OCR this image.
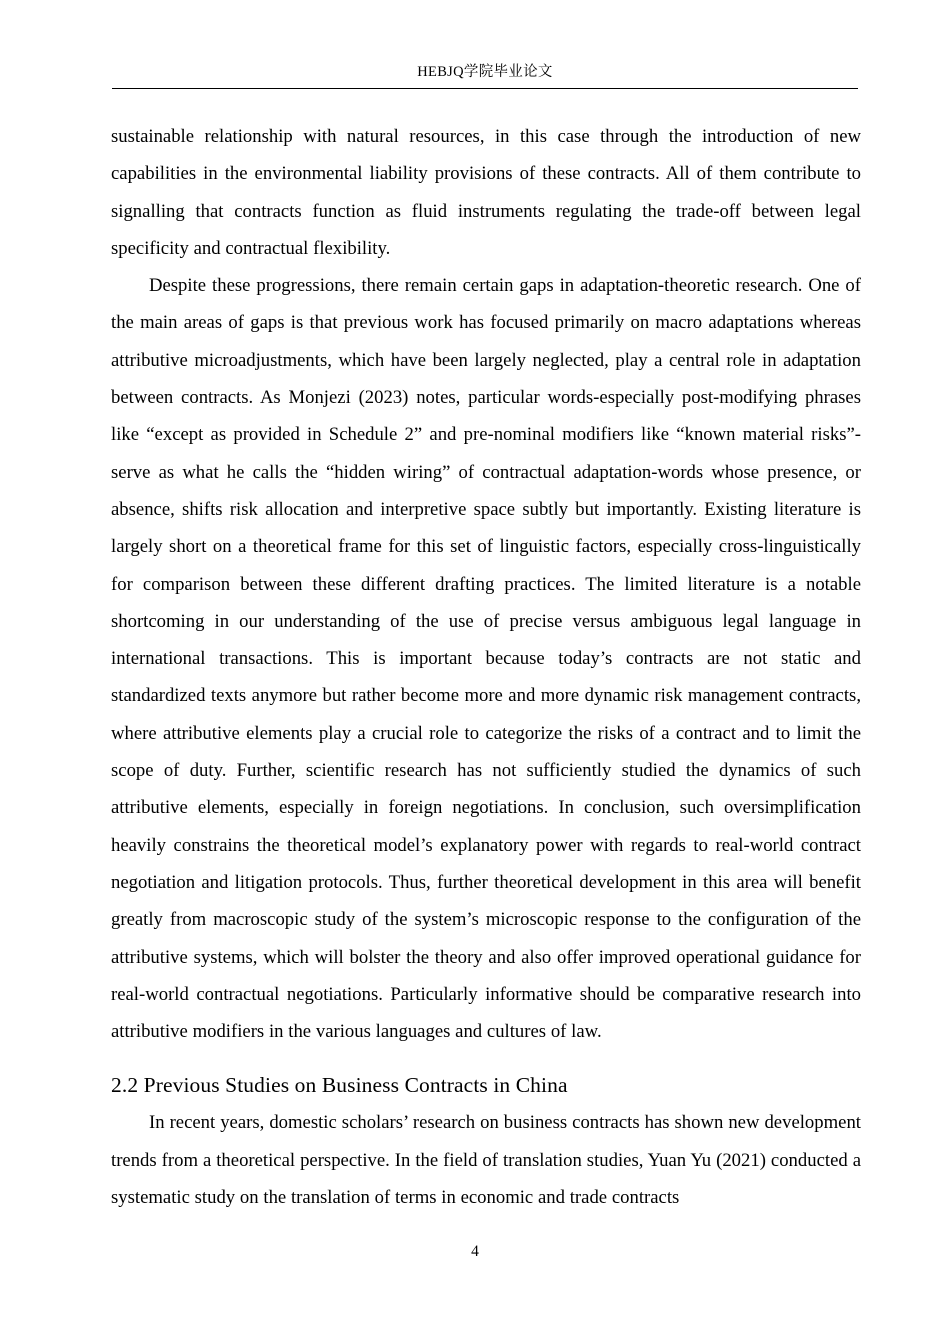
HEBJQ学院毕业论文

sustainable relationship with natural resources, in this case through the introduction of new capabilities in the environmental liability provisions of these contracts. All of them contribute to signalling that contracts function as fluid instruments regulating the trade-off between legal specificity and contractual flexibility.

Despite these progressions, there remain certain gaps in adaptation-theoretic research. One of the main areas of gaps is that previous work has focused primarily on macro adaptations whereas attributive microadjustments, which have been largely neglected, play a central role in adaptation between contracts. As Monjezi (2023) notes, particular words-especially post-modifying phrases like “except as provided in Schedule 2” and pre-nominal modifiers like “known material risks”-serve as what he calls the “hidden wiring” of contractual adaptation-words whose presence, or absence, shifts risk allocation and interpretive space subtly but importantly. Existing literature is largely short on a theoretical frame for this set of linguistic factors, especially cross-linguistically for comparison between these different drafting practices. The limited literature is a notable shortcoming in our understanding of the use of precise versus ambiguous legal language in international transactions. This is important because today’s contracts are not static and standardized texts anymore but rather become more and more dynamic risk management contracts, where attributive elements play a crucial role to categorize the risks of a contract and to limit the scope of duty. Further, scientific research has not sufficiently studied the dynamics of such attributive elements, especially in foreign negotiations. In conclusion, such oversimplification heavily constrains the theoretical model’s explanatory power with regards to real-world contract negotiation and litigation protocols. Thus, further theoretical development in this area will benefit greatly from macroscopic study of the system’s microscopic response to the configuration of the attributive systems, which will bolster the theory and also offer improved operational guidance for real-world contractual negotiations. Particularly informative should be comparative research into attributive modifiers in the various languages and cultures of law.

2.2 Previous Studies on Business Contracts in China

In recent years, domestic scholars’ research on business contracts has shown new development trends from a theoretical perspective. In the field of translation studies, Yuan Yu (2021) conducted a systematic study on the translation of terms in economic and trade contracts

4
